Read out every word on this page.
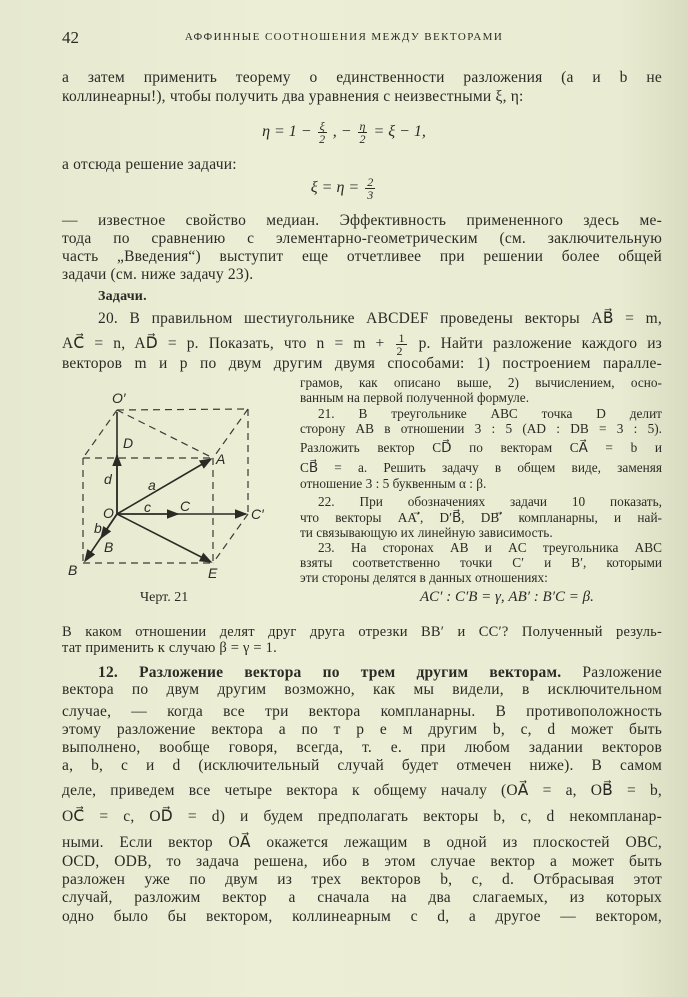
42	АФФИННЫЕ СООТНОШЕНИЯ МЕЖДУ ВЕКТОРАМИ
а затем применить теорему о единственности разложения (a и b не
коллинеарны!), чтобы получить два уравнения с неизвестными ξ, η:
$\eta = 1 - \frac{\xi}{2}$ , − $\frac{\eta}{2} = \xi - 1$,
а отсюда решение задачи:
$\xi = \eta = \frac{2}{3}$
— известное свойство медиан. Эффективность примененного здесь ме-
тода по сравнению с элементарно-геометрическим (см. заключительную
часть „Введения“) выступит еще отчетливее при решении более общей
задачи (см. ниже задачу 23).
Задачи.
20. В правильном шестиугольнике ABCDEF проведены векторы AB⃗ = m,
AC⃗ = n, AD⃗ = p. Показать, что $n = m + \frac{1}{2} p$. Найти разложение каждого из
векторов m и p по двум другим двумя способами: 1) построением паралле-
грамов, как описано выше, 2) вычислением, осно-
ванным на первой полученной формуле.
21. В треугольнике ABC точка D делит
сторону AB в отношении 3 : 5 (AD : DB = 3 : 5).
Разложить вектор CD⃗ по векторам CA⃗ = b и
CB⃗ = a. Решить задачу в общем виде, заменяя
отношение 3 : 5 буквенным α : β.
22. При обозначениях задачи 10 показать,
что векторы AA′⃗, D′B⃗, DB′⃗ компланарны, и най-
ти связывающую их линейную зависимость.
23. На сторонах AB и AC треугольника ABC
взяты соответственно точки C′ и B′, которыми
эти стороны делятся в данных отношениях:
AC′ : C′B = γ, AB′ : B′C = β.
O′
D
d
A
a
O c C	C′
b
B
B	E
Черт. 21
В каком отношении делят друг друга отрезки BB′ и CC′? Полученный резуль-
тат применить к случаю β = γ = 1.
12. Разложение вектора по трем другим векторам. Разложение
вектора по двум другим возможно, как мы видели, в исключительном
случае, — когда все три вектора компланарны. В противоположность
этому разложение вектора a по т р е м другим b, c, d может быть
выполнено, вообще говоря, всегда, т. е. при любом задании векторов
a, b, c и d (исключительный случай будет отмечен ниже). В самом
деле, приведем все четыре вектора к общему началу (OA⃗ = a, OB⃗ = b,
OC⃗ = c, OD⃗ = d) и будем предполагать векторы b, c, d некомпланар-
ными. Если вектор OA⃗ окажется лежащим в одной из плоскостей OBC,
OCD, ODB, то задача решена, ибо в этом случае вектор a может быть
разложен уже по двум из трех векторов b, c, d. Отбрасывая этот
случай, разложим вектор a сначала на два слагаемых, из которых
одно было бы вектором, коллинеарным с d, а другое — вектором,
